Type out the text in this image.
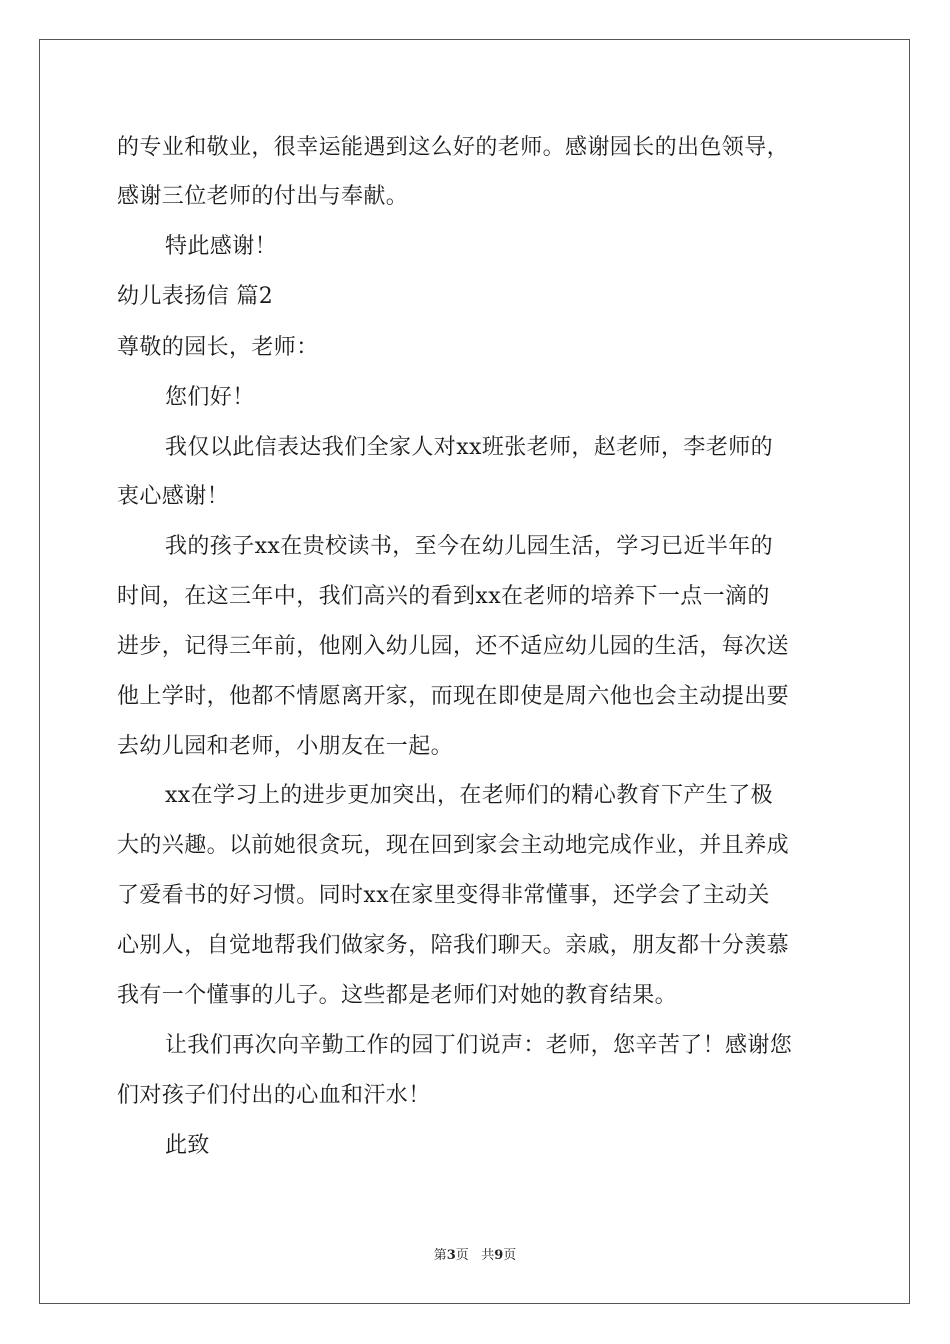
的专业和敬业，很幸运能遇到这么好的老师。感谢园长的出色领导，
感谢三位老师的付出与奉献。
特此感谢！
幼儿表扬信 篇2
尊敬的园长，老师：
您们好！
我仅以此信表达我们全家人对xx班张老师，赵老师，李老师的
衷心感谢！
我的孩子xx在贵校读书，至今在幼儿园生活，学习已近半年的
时间，在这三年中，我们高兴的看到xx在老师的培养下一点一滴的
进步，记得三年前，他刚入幼儿园，还不适应幼儿园的生活，每次送
他上学时，他都不情愿离开家，而现在即使是周六他也会主动提出要
去幼儿园和老师，小朋友在一起。
xx在学习上的进步更加突出，在老师们的精心教育下产生了极
大的兴趣。以前她很贪玩，现在回到家会主动地完成作业，并且养成
了爱看书的好习惯。同时xx在家里变得非常懂事，还学会了主动关
心别人，自觉地帮我们做家务，陪我们聊天。亲戚，朋友都十分羡慕
我有一个懂事的儿子。这些都是老师们对她的教育结果。
让我们再次向辛勤工作的园丁们说声：老师，您辛苦了！感谢您
们对孩子们付出的心血和汗水！
此致
第3页 共9页
